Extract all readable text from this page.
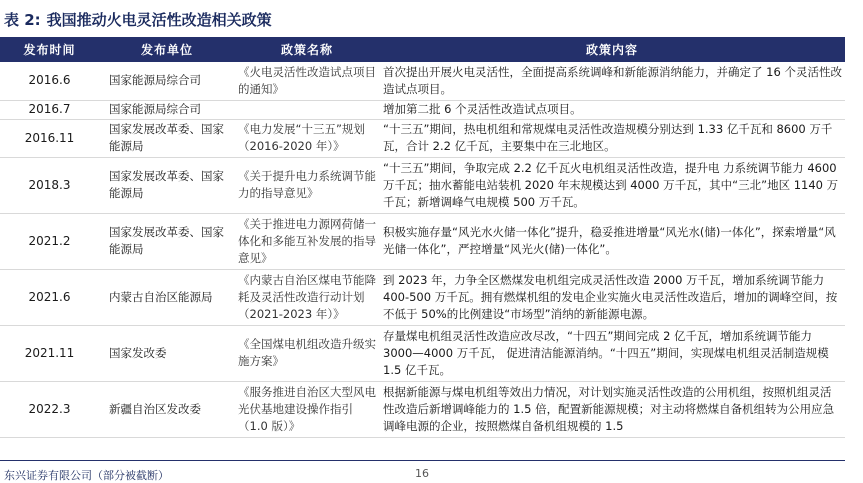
表 2: 我国推动火电灵活性改造相关政策
发布时间	发布单位	政策名称	政策内容
2016.6	国家能源局综合司	《火电灵活性改造试点项目的通知》	首次提出开展火电灵活性，全面提高系统调峰和新能源消纳能力，并确定了 16 个灵活性改造试点项目。
2016.7	国家能源局综合司		增加第二批 6 个灵活性改造试点项目。
2016.11	国家发展改革委、国家能源局	《电力发展“十三五”规划（2016-2020 年）》	“十三五”期间，热电机组和常规煤电灵活性改造规模分别达到 1.33 亿千瓦和 8600 万千瓦，合计 2.2 亿千瓦，主要集中在三北地区。
2018.3	国家发展改革委、国家能源局	《关于提升电力系统调节能力的指导意见》	“十三五”期间，争取完成 2.2 亿千瓦火电机组灵活性改造，提升电 力系统调节能力 4600 万千瓦；抽水蓄能电站装机 2020 年末规模达到 4000 万千瓦，其中“三北”地区 1140 万千瓦；新增调峰气电规模 500 万千瓦。
2021.2	国家发展改革委、国家能源局	《关于推进电力源网荷储一体化和多能互补发展的指导意见》	积极实施存量“风光水火储一体化”提升，稳妥推进增量“风光水(储)一体化”，探索增量“风光储一体化”，严控增量“风光火(储)一体化”。
2021.6	内蒙古自治区能源局	《内蒙古自治区煤电节能降耗及灵活性改造行动计划（2021-2023 年）》	到 2023 年，力争全区燃煤发电机组完成灵活性改造 2000 万千瓦，增加系统调节能力 400-500 万千瓦。拥有燃煤机组的发电企业实施火电灵活性改造后，增加的调峰空间，按不低于 50%的比例建设“市场型”消纳的新能源电源。
2021.11	国家发改委	《全国煤电机组改造升级实施方案》	存量煤电机组灵活性改造应改尽改，“十四五”期间完成 2 亿千瓦，增加系统调节能力 3000—4000 万千瓦， 促进清洁能源消纳。“十四五”期间，实现煤电机组灵活制造规模 1.5 亿千瓦。
2022.3	新疆自治区发改委	《服务推进自治区大型风电光伏基地建设操作指引（1.0 版）》	根据新能源与煤电机组等效出力情况，对计划实施灵活性改造的公用机组，按照机组灵活性改造后新增调峰能力的 1.5 倍，配置新能源规模；对主动将燃煤自备机组转为公用应急调峰电源的企业，按照燃煤自备机组规模的 1.5
东兴证券有限公司（部分被截断）	16
